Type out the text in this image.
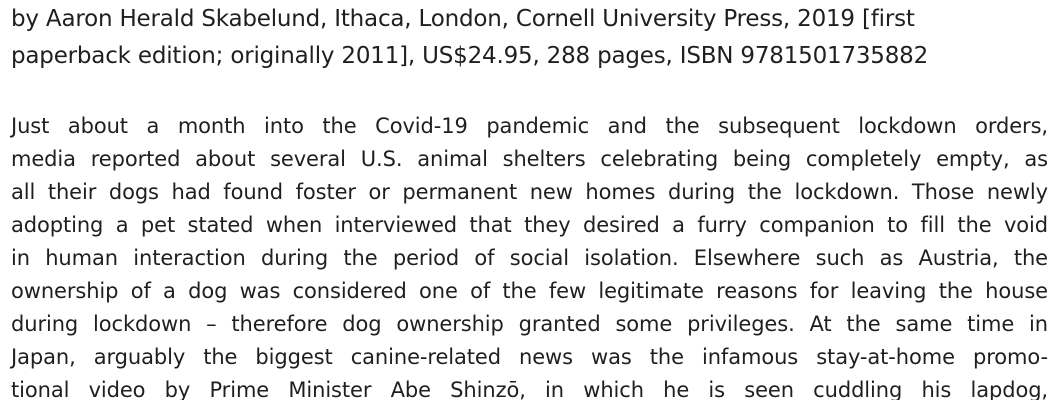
by Aaron Herald Skabelund, Ithaca, London, Cornell University Press, 2019 [first
paperback edition; originally 2011], US$24.95, 288 pages, ISBN 9781501735882
Just about a month into the Covid-19 pandemic and the subsequent lockdown orders,
media reported about several U.S. animal shelters celebrating being completely empty, as
all their dogs had found foster or permanent new homes during the lockdown. Those newly
adopting a pet stated when interviewed that they desired a furry companion to fill the void
in human interaction during the period of social isolation. Elsewhere such as Austria, the
ownership of a dog was considered one of the few legitimate reasons for leaving the house
during lockdown – therefore dog ownership granted some privileges. At the same time in
Japan, arguably the biggest canine-related news was the infamous stay-at-home promo-
tional video by Prime Minister Abe Shinzō, in which he is seen cuddling his lapdog,
